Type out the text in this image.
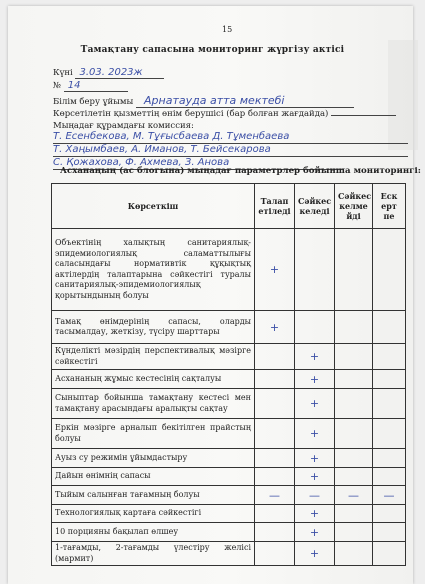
15
Тамақтану сапасына мониторинг жүргізу актісі
Күні 3.03. 2023ж
№ 14
Білім беру ұйымы Арнатауда атта мектебі
Көрсетілетін қызметтің өнім берушісі (бар болған жағдайда)
Мыңадағ құрамдағы комиссия:
Т. Есенбекова, М. Тұғысбаева Д. Тұменбаева
Т. Хаңымбаев, А. Иманов, Т. Бейсекарова
С. Қожахова, Ф. Ахмева, З. Анова
Асханаңың (ас блогына) мыңадағ параметрлер бойынша мониторингі:
Көрсеткіш	Талап етіледі	Сәйкес келеді	Сәйкес келме йді	Еск ерт пе
Объектінің халықтың санитариялық-эпидемиологиялық саламаттылығы саласындағы нормативтік құқықтық актілердің талаптарына сәйкестігі туралы санитариялық-эпидемиологиялық қорытындының болуы	+			
Тамақ өнімдерінің сапасы, оларды тасымалдау, жеткізу, түсіру шарттары	+			
Күнделікті мәзірдің перспективалық мәзірге сәйкестігі		+		
Асхананың жұмыс кестесінің сақталуы		+		
Сыныптар бойынша тамақтану кестесі мен тамақтану арасындағы аралықты сақтау		+		
Еркін мәзірге арналып бекітілген прайстың болуы		+		
Ауыз су режимін ұйымдастыру		+		
Дайын өнімнің сапасы		+		
Тыйым салынған тағамның болуы	—	—	—	—
Технологиялық картаға сәйкестігі		+		
10 порцияны бақылап өлшеу		+		
1-тағамды, 2-тағамды үлестіру желісі (мармит)		+		
